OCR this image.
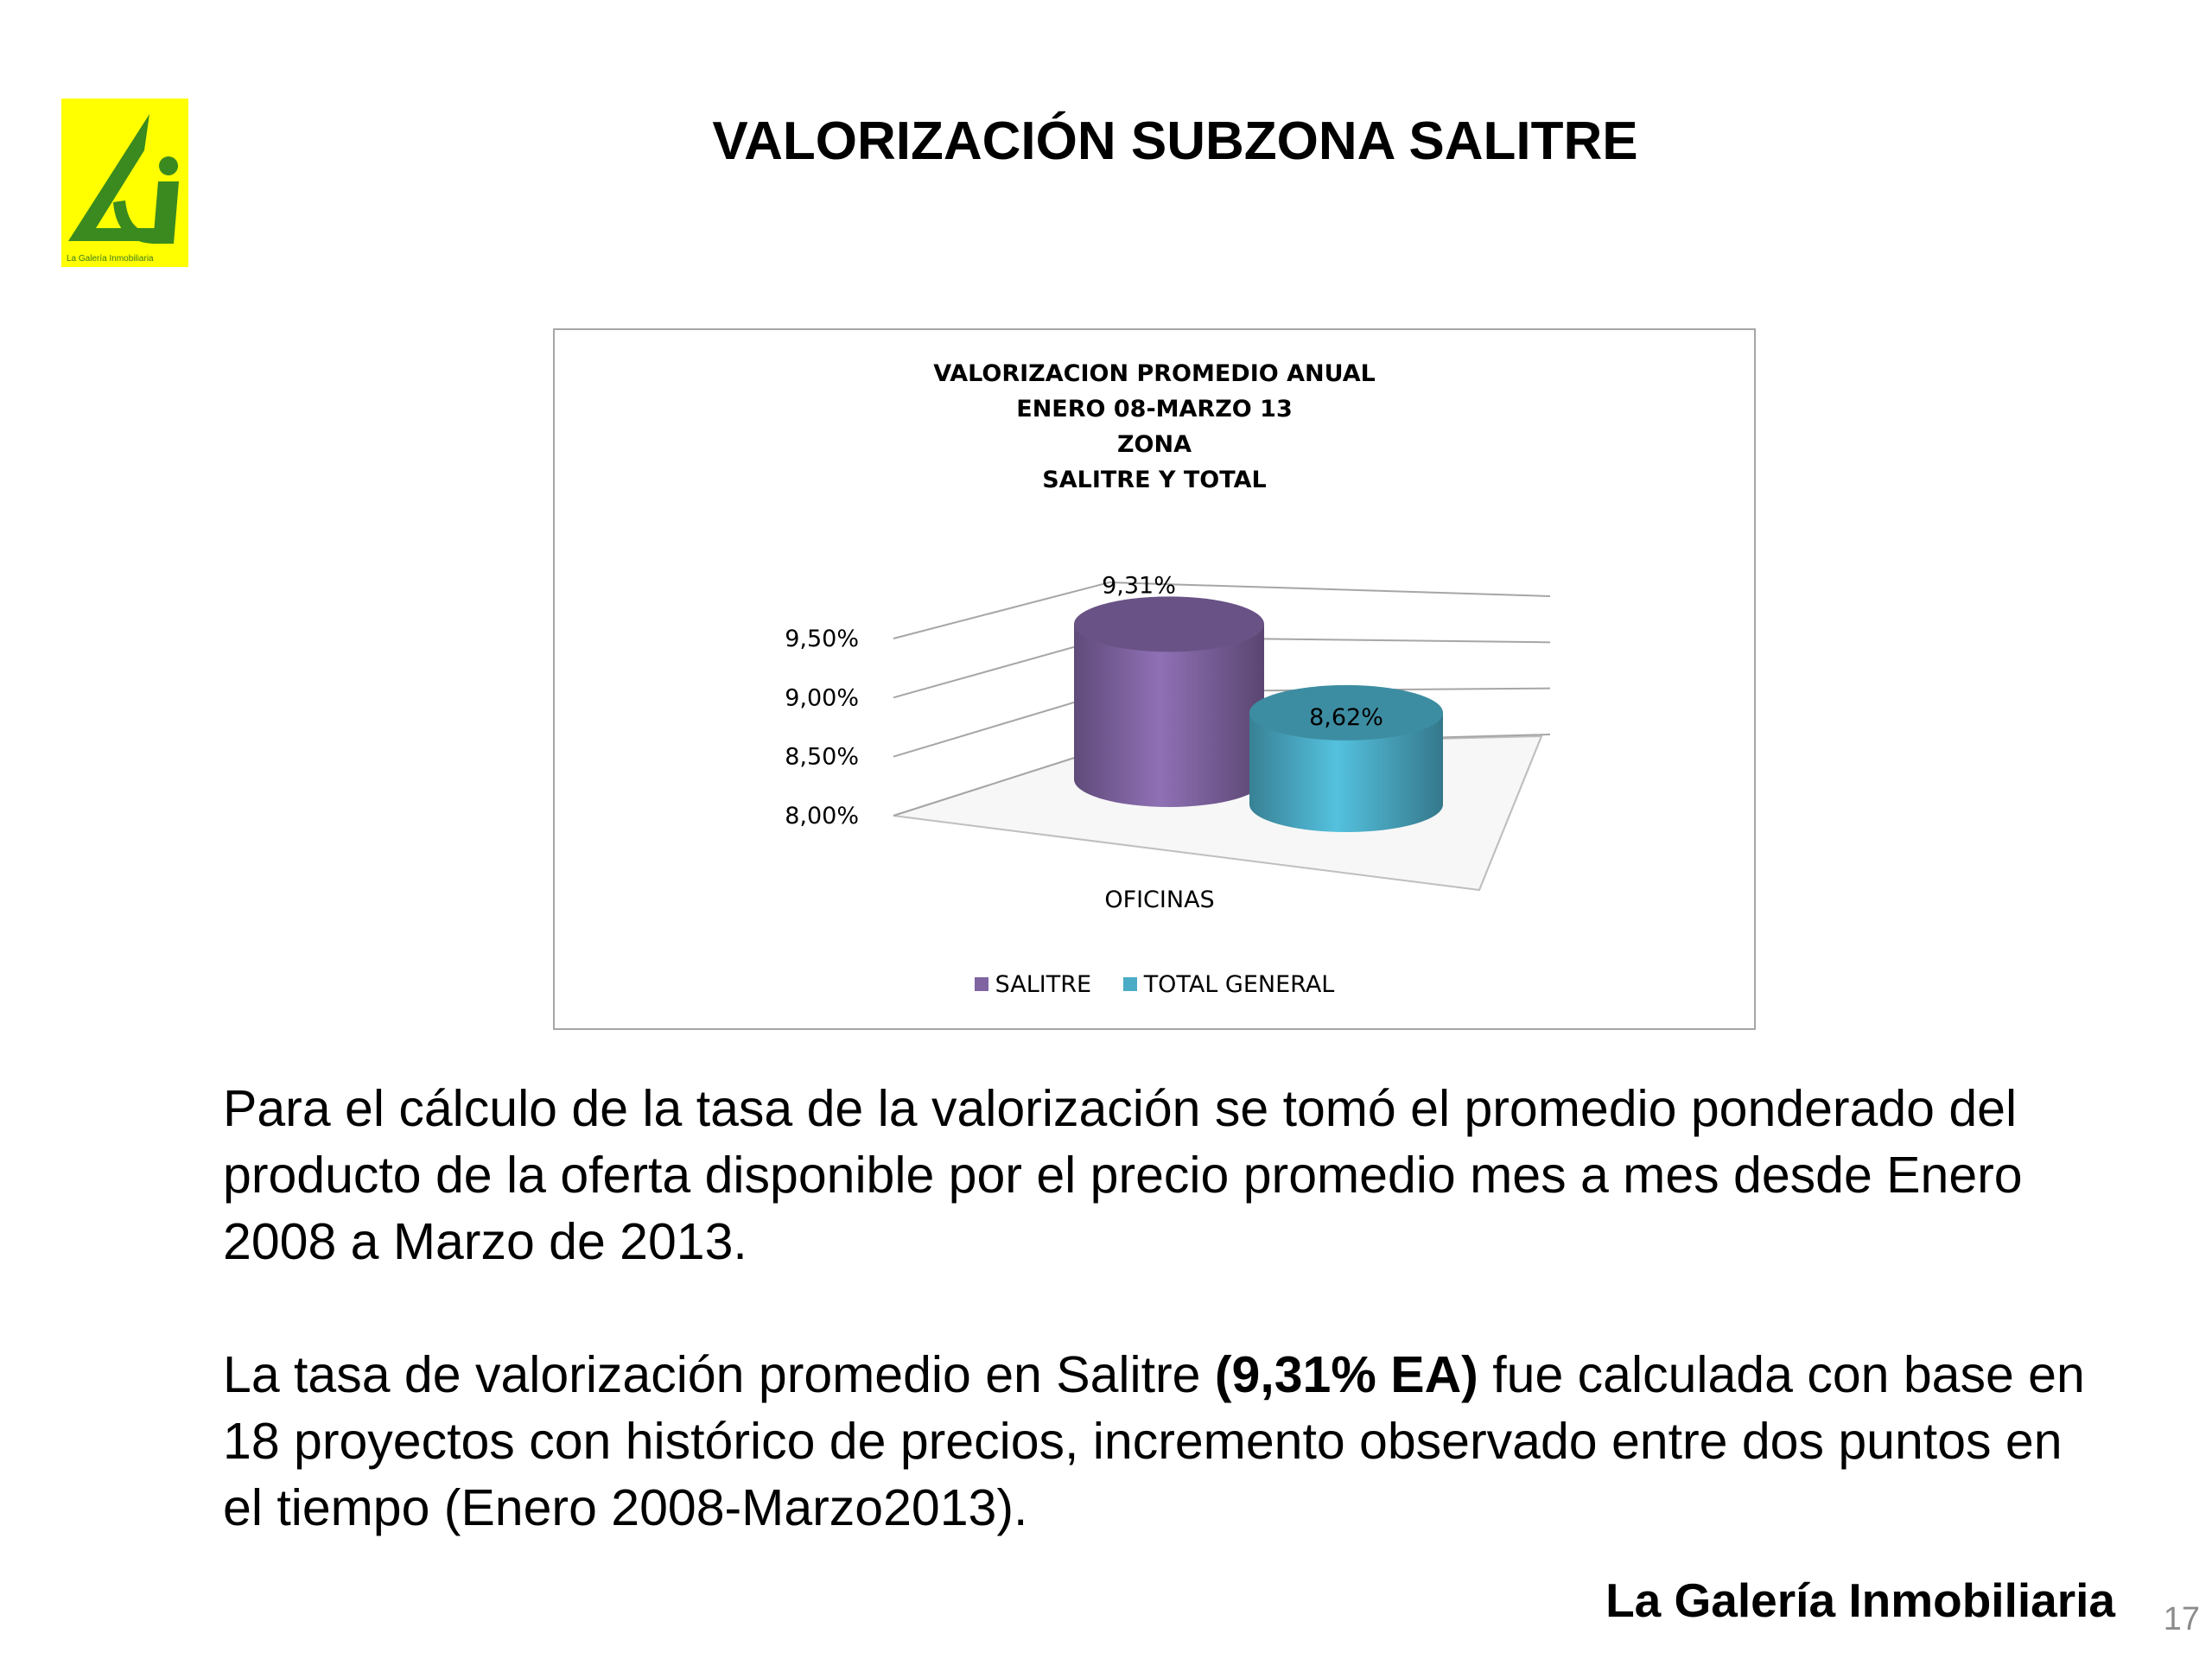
La Galería Inmobiliaria
VALORIZACIÓN SUBZONA SALITRE
VALORIZACION PROMEDIO ANUAL
ENERO 08-MARZO 13
ZONA
SALITRE Y TOTAL
8,00%
8,50%
9,00%
9,50%
9,31%
8,62%
OFICINAS
SALITRE TOTAL GENERAL
Para el cálculo de la tasa de la valorización se tomó el promedio ponderado del producto de la oferta disponible por el precio promedio mes a mes desde Enero 2008 a Marzo de 2013.
La tasa de valorización promedio en Salitre (9,31% EA) fue calculada con base en 18 proyectos con histórico de precios, incremento observado entre dos puntos en el tiempo (Enero 2008-Marzo2013).
La Galería Inmobiliaria 17
